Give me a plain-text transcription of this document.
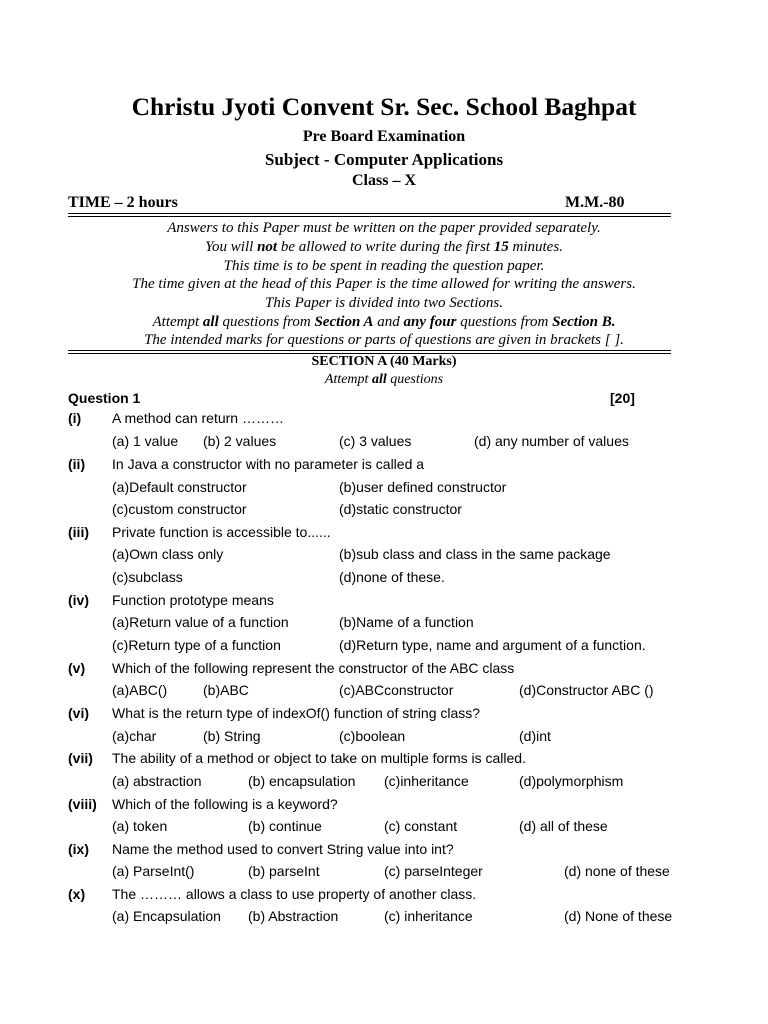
Christu Jyoti Convent Sr. Sec. School Baghpat
Pre Board Examination
Subject - Computer Applications
Class – X
TIME – 2 hours	M.M.-80
Answers to this Paper must be written on the paper provided separately.
You will not be allowed to write during the first 15 minutes.
This time is to be spent in reading the question paper.
The time given at the head of this Paper is the time allowed for writing the answers.
This Paper is divided into two Sections.
Attempt all questions from Section A and any four questions from Section B.
The intended marks for questions or parts of questions are given in brackets [ ].
SECTION A (40 Marks)
Attempt all questions
Question 1	[20]
(i) A method can return ………
(a) 1 value (b) 2 values	(c) 3 values	(d) any number of values
(ii) In Java a constructor with no parameter is called a
(a)Default constructor	(b)user defined constructor
(c)custom constructor	(d)static constructor
(iii) Private function is accessible to......
(a)Own class only	(b)sub class and class in the same package
(c)subclass	(d)none of these.
(iv) Function prototype means
(a)Return value of a function	(b)Name of a function
(c)Return type of a function	(d)Return type, name and argument of a function.
(v) Which of the following represent the constructor of the ABC class
(a)ABC()	(b)ABC	(c)ABCconstructor	(d)Constructor ABC ()
(vi) What is the return type of indexOf() function of string class?
(a)char	(b) String	(c)boolean	(d)int
(vii) The ability of a method or object to take on multiple forms is called.
(a) abstraction	(b) encapsulation (c)inheritance	(d)polymorphism
(viii) Which of the following is a keyword?
(a) token	(b) continue	(c) constant	(d) all of these
(ix) Name the method used to convert String value into int?
(a) ParseInt()	(b) parseInt	(c) parseInteger	(d) none of these
(x) The ……… allows a class to use property of another class.
(a) Encapsulation (b) Abstraction	(c) inheritance	(d) None of these
